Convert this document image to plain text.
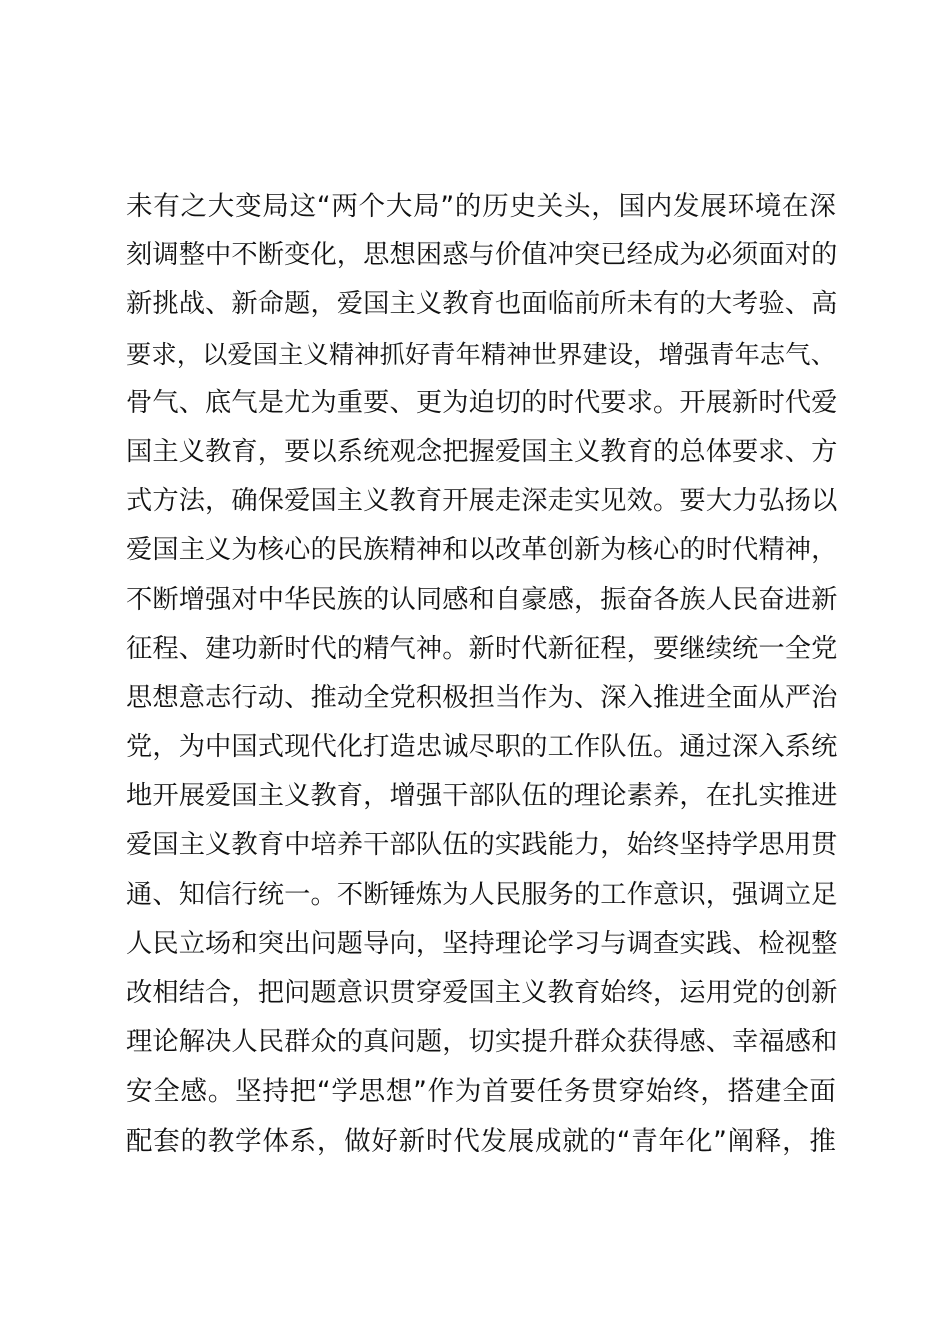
未有之大变局这“两个大局”的历史关头，国内发展环境在深
刻调整中不断变化，思想困惑与价值冲突已经成为必须面对的
新挑战、新命题，爱国主义教育也面临前所未有的大考验、高
要求，以爱国主义精神抓好青年精神世界建设，增强青年志气、
骨气、底气是尤为重要、更为迫切的时代要求。开展新时代爱
国主义教育，要以系统观念把握爱国主义教育的总体要求、方
式方法，确保爱国主义教育开展走深走实见效。要大力弘扬以
爱国主义为核心的民族精神和以改革创新为核心的时代精神，
不断增强对中华民族的认同感和自豪感，振奋各族人民奋进新
征程、建功新时代的精气神。新时代新征程，要继续统一全党
思想意志行动、推动全党积极担当作为、深入推进全面从严治
党，为中国式现代化打造忠诚尽职的工作队伍。通过深入系统
地开展爱国主义教育，增强干部队伍的理论素养，在扎实推进
爱国主义教育中培养干部队伍的实践能力，始终坚持学思用贯
通、知信行统一。不断锤炼为人民服务的工作意识，强调立足
人民立场和突出问题导向，坚持理论学习与调查实践、检视整
改相结合，把问题意识贯穿爱国主义教育始终，运用党的创新
理论解决人民群众的真问题，切实提升群众获得感、幸福感和
安全感。坚持把“学思想”作为首要任务贯穿始终，搭建全面
配套的教学体系，做好新时代发展成就的“青年化”阐释，推
